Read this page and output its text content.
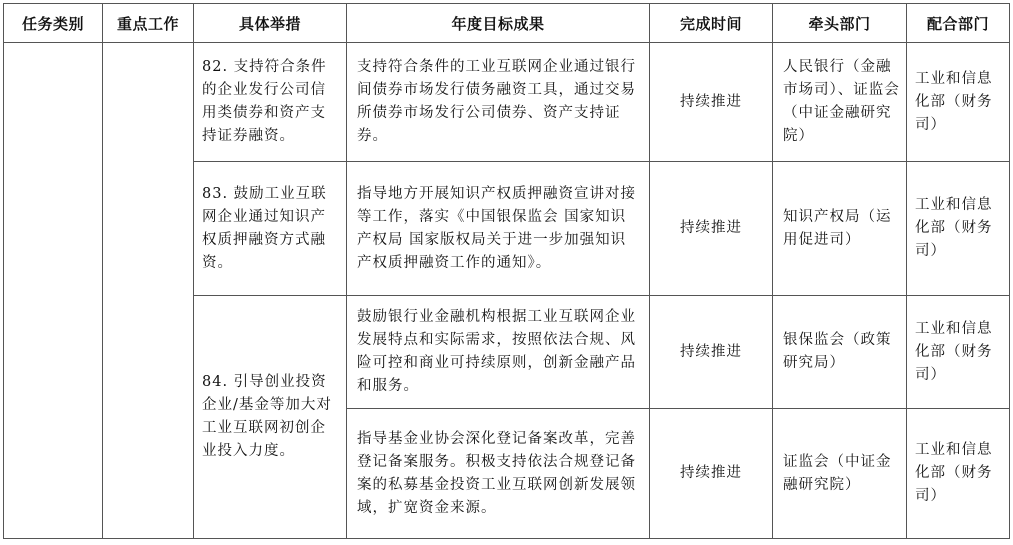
任务类别	重点工作	具体举措	年度目标成果	完成时间	牵头部门	配合部门
		82. 支持符合条件的企业发行公司信用类债券和资产支持证券融资。	支持符合条件的工业互联网企业通过银行间债券市场发行债务融资工具，通过交易所债券市场发行公司债券、资产支持证券。	持续推进	人民银行（金融市场司）、证监会（中证金融研究院）	工业和信息化部（财务司）
		83. 鼓励工业互联网企业通过知识产权质押融资方式融资。	指导地方开展知识产权质押融资宣讲对接等工作，落实《中国银保监会 国家知识产权局 国家版权局关于进一步加强知识产权质押融资工作的通知》。	持续推进	知识产权局（运用促进司）	工业和信息化部（财务司）
		84. 引导创业投资企业/基金等加大对工业互联网初创企业投入力度。	鼓励银行业金融机构根据工业互联网企业发展特点和实际需求，按照依法合规、风险可控和商业可持续原则，创新金融产品和服务。	持续推进	银保监会（政策研究局）	工业和信息化部（财务司）
			指导基金业协会深化登记备案改革，完善登记备案服务。积极支持依法合规登记备案的私募基金投资工业互联网创新发展领域，扩宽资金来源。	持续推进	证监会（中证金融研究院）	工业和信息化部（财务司）
